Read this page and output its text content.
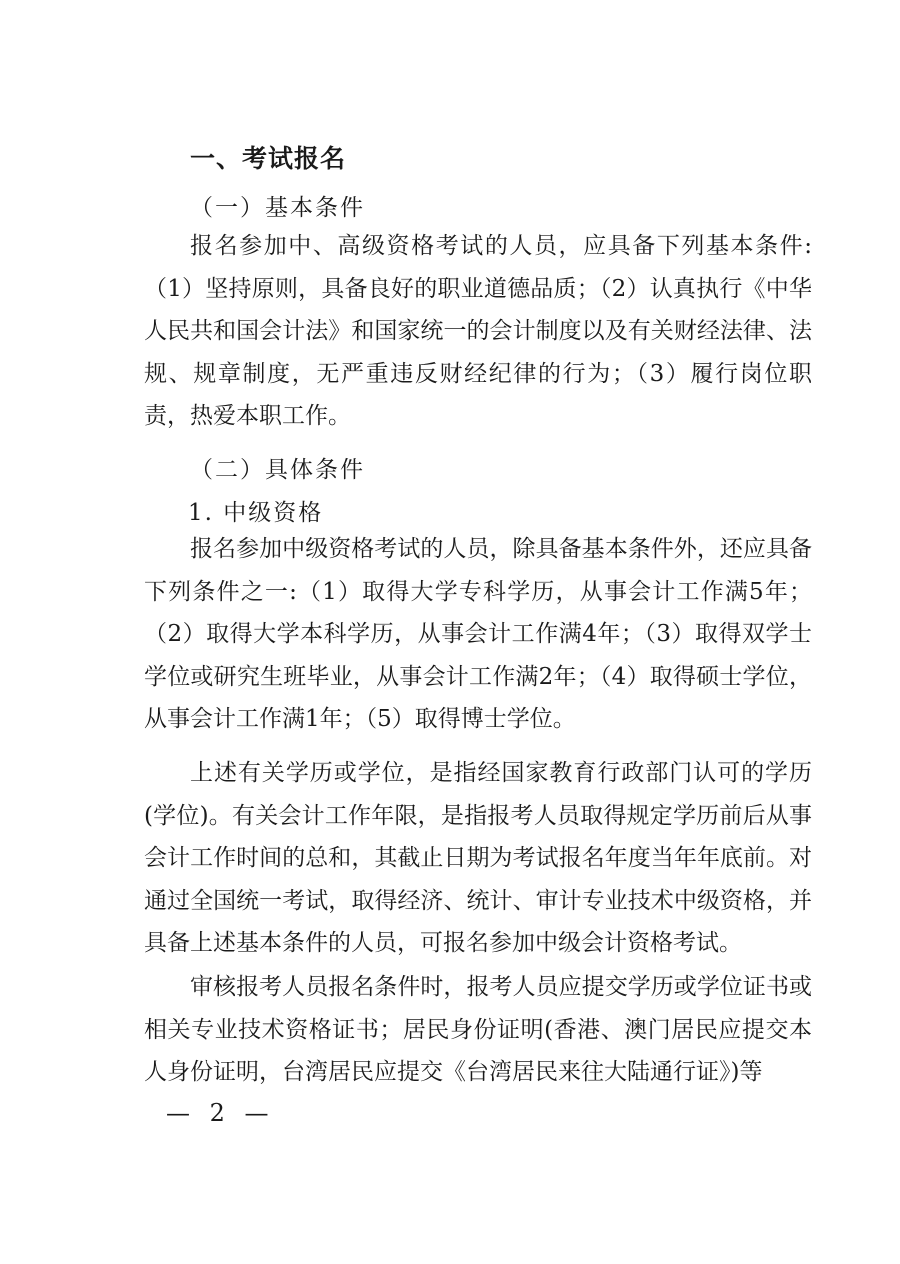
一、考试报名
（一）基本条件
报名参加中、高级资格考试的人员，应具备下列基本条件:（1）坚持原则，具备良好的职业道德品质；（2）认真执行《中华人民共和国会计法》和国家统一的会计制度以及有关财经法律、法规、规章制度，无严重违反财经纪律的行为；（3）履行岗位职责，热爱本职工作。
（二）具体条件
1. 中级资格
报名参加中级资格考试的人员，除具备基本条件外，还应具备下列条件之一:（1）取得大学专科学历，从事会计工作满5年；（2）取得大学本科学历，从事会计工作满4年；（3）取得双学士学位或研究生班毕业，从事会计工作满2年；（4）取得硕士学位，从事会计工作满1年；（5）取得博士学位。
上述有关学历或学位，是指经国家教育行政部门认可的学历(学位)。有关会计工作年限，是指报考人员取得规定学历前后从事会计工作时间的总和，其截止日期为考试报名年度当年年底前。对通过全国统一考试，取得经济、统计、审计专业技术中级资格，并具备上述基本条件的人员，可报名参加中级会计资格考试。
审核报考人员报名条件时，报考人员应提交学历或学位证书或相关专业技术资格证书；居民身份证明(香港、澳门居民应提交本人身份证明，台湾居民应提交《台湾居民来往大陆通行证》)等
— 2 —
